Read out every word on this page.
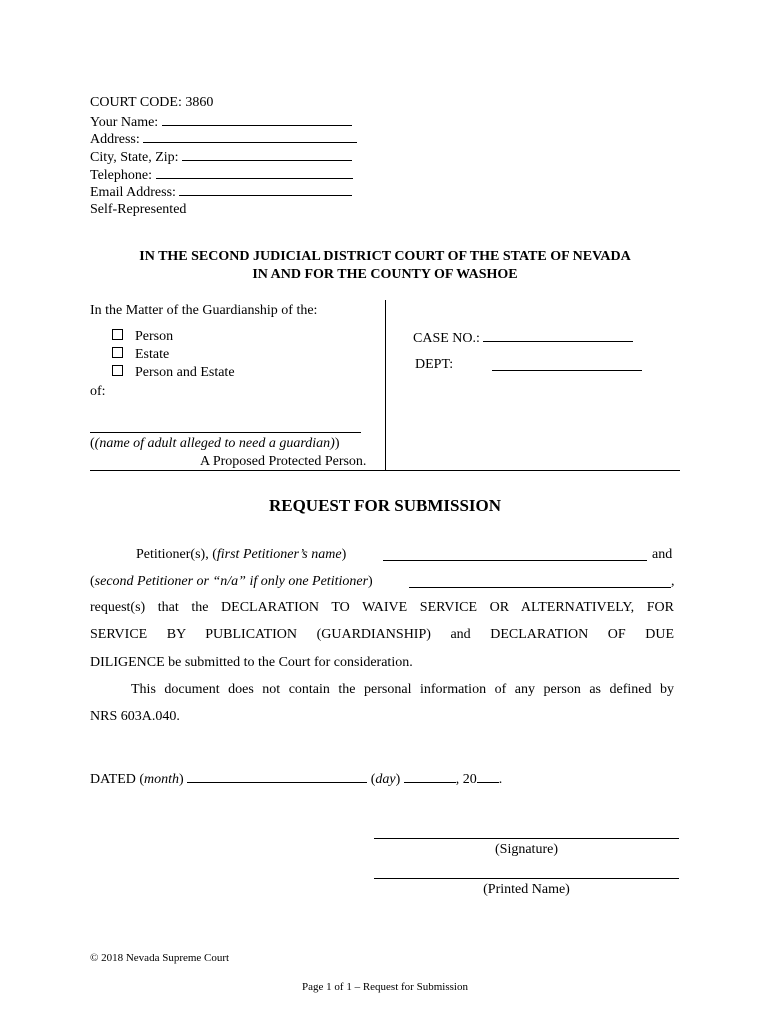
COURT CODE: 3860
Your Name:
Address:
City, State, Zip:
Telephone:
Email Address:
Self-Represented
IN THE SECOND JUDICIAL DISTRICT COURT OF THE STATE OF NEVADA
IN AND FOR THE COUNTY OF WASHOE
In the Matter of the Guardianship of the:
Person
Estate
Person and Estate
of:
((name of adult alleged to need a guardian))
A Proposed Protected Person.
CASE NO.:
DEPT:
REQUEST FOR SUBMISSION
Petitioner(s), (first Petitioner’s name)	and
(second Petitioner or “n/a” if only one Petitioner)	,
request(s) that the DECLARATION TO WAIVE SERVICE OR ALTERNATIVELY, FOR
SERVICE BY PUBLICATION (GUARDIANSHIP) and DECLARATION OF DUE
DILIGENCE be submitted to the Court for consideration.
This document does not contain the personal information of any person as defined by
NRS 603A.040.
DATED (month)	(day)	, 20 .
(Signature)
(Printed Name)
© 2018 Nevada Supreme Court
Page 1 of 1 – Request for Submission
